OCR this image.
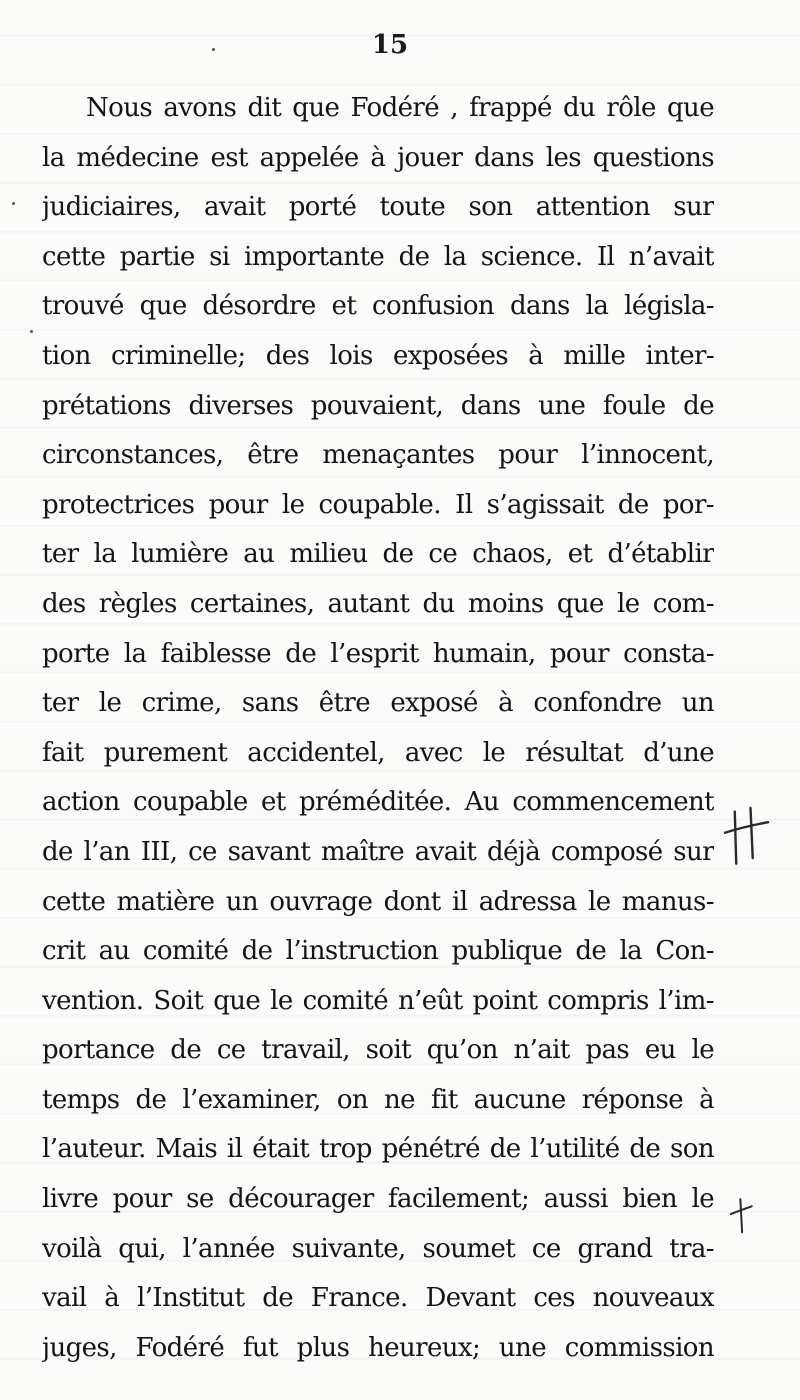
15
Nous avons dit que Fodéré , frappé du rôle que
la médecine est appelée à jouer dans les questions
judiciaires, avait porté toute son attention sur
cette partie si importante de la science. Il n’avait
trouvé que désordre et confusion dans la législa-
tion criminelle; des lois exposées à mille inter-
prétations diverses pouvaient, dans une foule de
circonstances, être menaçantes pour l’innocent,
protectrices pour le coupable. Il s’agissait de por-
ter la lumière au milieu de ce chaos, et d’établir
des règles certaines, autant du moins que le com-
porte la faiblesse de l’esprit humain, pour consta-
ter le crime, sans être exposé à confondre un
fait purement accidentel, avec le résultat d’une
action coupable et préméditée. Au commencement
de l’an III, ce savant maître avait déjà composé sur
cette matière un ouvrage dont il adressa le manus-
crit au comité de l’instruction publique de la Con-
vention. Soit que le comité n’eût point compris l’im-
portance de ce travail, soit qu’on n’ait pas eu le
temps de l’examiner, on ne fit aucune réponse à
l’auteur. Mais il était trop pénétré de l’utilité de son
livre pour se décourager facilement; aussi bien le
voilà qui, l’année suivante, soumet ce grand tra-
vail à l’Institut de France. Devant ces nouveaux
juges, Fodéré fut plus heureux; une commission
